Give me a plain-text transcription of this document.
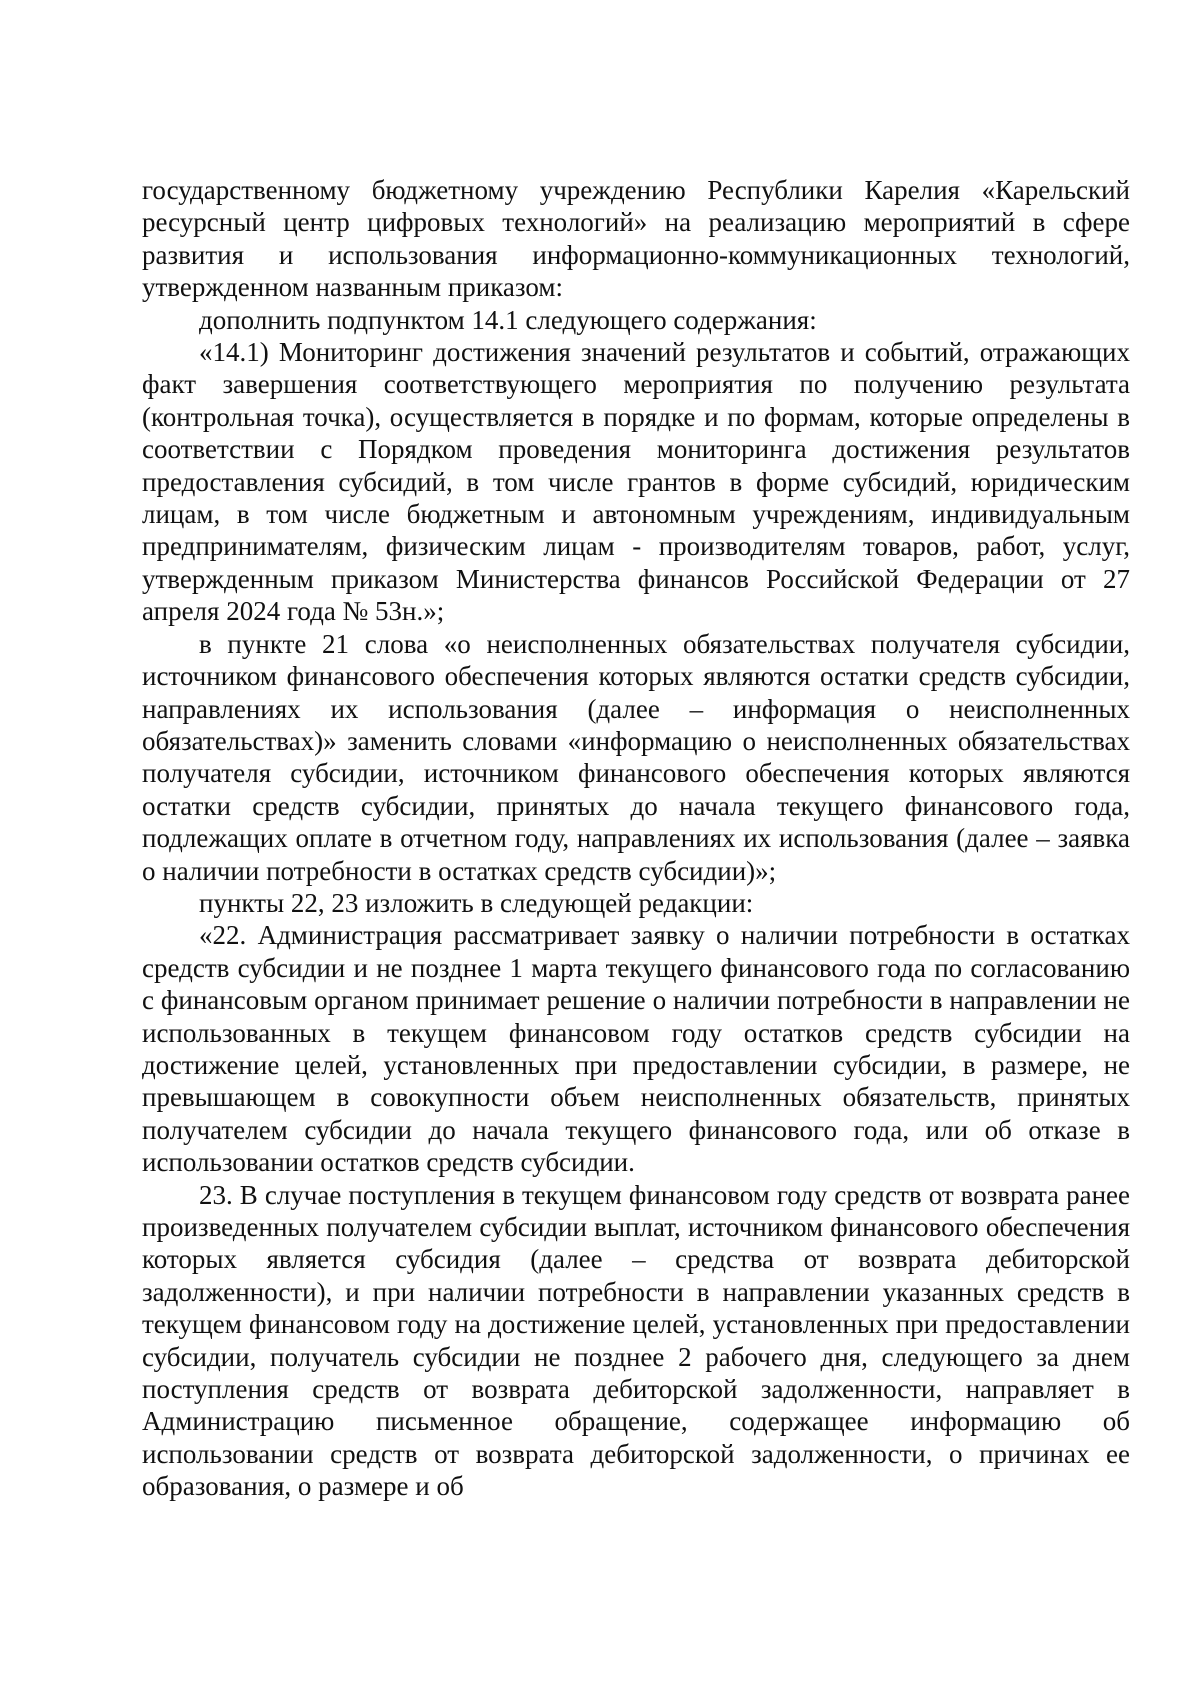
государственному бюджетному учреждению Республики Карелия «Карельский ресурсный центр цифровых технологий» на реализацию мероприятий в сфере развития и использования информационно-коммуникационных технологий, утвержденном названным приказом:

дополнить подпунктом 14.1 следующего содержания:

«14.1) Мониторинг достижения значений результатов и событий, отражающих факт завершения соответствующего мероприятия по получению результата (контрольная точка), осуществляется в порядке и по формам, которые определены в соответствии с Порядком проведения мониторинга достижения результатов предоставления субсидий, в том числе грантов в форме субсидий, юридическим лицам, в том числе бюджетным и автономным учреждениям, индивидуальным предпринимателям, физическим лицам - производителям товаров, работ, услуг, утвержденным приказом Министерства финансов Российской Федерации от 27 апреля 2024 года № 53н.»;

в пункте 21 слова «о неисполненных обязательствах получателя субсидии, источником финансового обеспечения которых являются остатки средств субсидии, направлениях их использования (далее – информация о неисполненных обязательствах)» заменить словами «информацию о неисполненных обязательствах получателя субсидии, источником финансового обеспечения которых являются остатки средств субсидии, принятых до начала текущего финансового года, подлежащих оплате в отчетном году, направлениях их использования (далее – заявка о наличии потребности в остатках средств субсидии)»;

пункты 22, 23 изложить в следующей редакции:

«22. Администрация рассматривает заявку о наличии потребности в остатках средств субсидии и не позднее 1 марта текущего финансового года по согласованию с финансовым органом принимает решение о наличии потребности в направлении не использованных в текущем финансовом году остатков средств субсидии на достижение целей, установленных при предоставлении субсидии, в размере, не превышающем в совокупности объем неисполненных обязательств, принятых получателем субсидии до начала текущего финансового года, или об отказе в использовании остатков средств субсидии.

23. В случае поступления в текущем финансовом году средств от возврата ранее произведенных получателем субсидии выплат, источником финансового обеспечения которых является субсидия (далее – средства от возврата дебиторской задолженности), и при наличии потребности в направлении указанных средств в текущем финансовом году на достижение целей, установленных при предоставлении субсидии, получатель субсидии не позднее 2 рабочего дня, следующего за днем поступления средств от возврата дебиторской задолженности, направляет в Администрацию письменное обращение, содержащее информацию об использовании средств от возврата дебиторской задолженности, о причинах ее образования, о размере и об
